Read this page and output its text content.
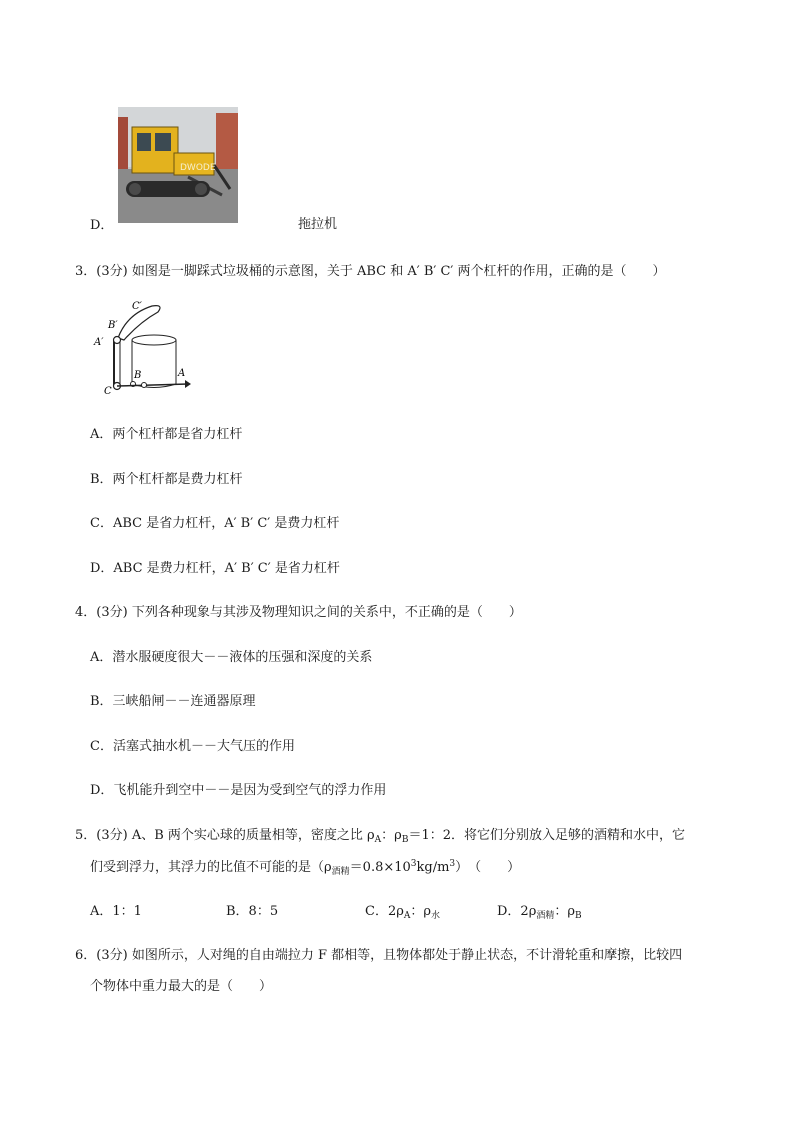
DWODE
D．	拖拉机
3．(3分) 如图是一脚踩式垃圾桶的示意图，关于 ABC 和 A′ B′ C′ 两个杠杆的作用，正确的是（　　）
C′
B′
A′
C
B	A
A．两个杠杆都是省力杠杆
B．两个杠杆都是费力杠杆
C．ABC 是省力杠杆，A′ B′ C′ 是费力杠杆
D．ABC 是费力杠杆，A′ B′ C′ 是省力杠杆
4．(3分) 下列各种现象与其涉及物理知识之间的关系中，不正确的是（　　）
A．潜水服硬度很大－－液体的压强和深度的关系
B．三峡船闸－－连通器原理
C．活塞式抽水机－－大气压的作用
D．飞机能升到空中－－是因为受到空气的浮力作用
5．(3分) A、B 两个实心球的质量相等，密度之比 $\rho_A$：$\rho_B=1$：2．将它们分别放入足够的酒精和水中，它
们受到浮力，其浮力的比值不可能的是$(\rho_{酒精}=0.8\times 10^3kg/m^3)$　（　　）
A．1：1	B．8：5	C．$2\rho_A$：$\rho_水$	D．$2\rho_{酒精}$：$\rho_B$
6．(3分) 如图所示，人对绳的自由端拉力 F 都相等，且物体都处于静止状态，不计滑轮重和摩擦，比较四
个物体中重力最大的是（　　）
